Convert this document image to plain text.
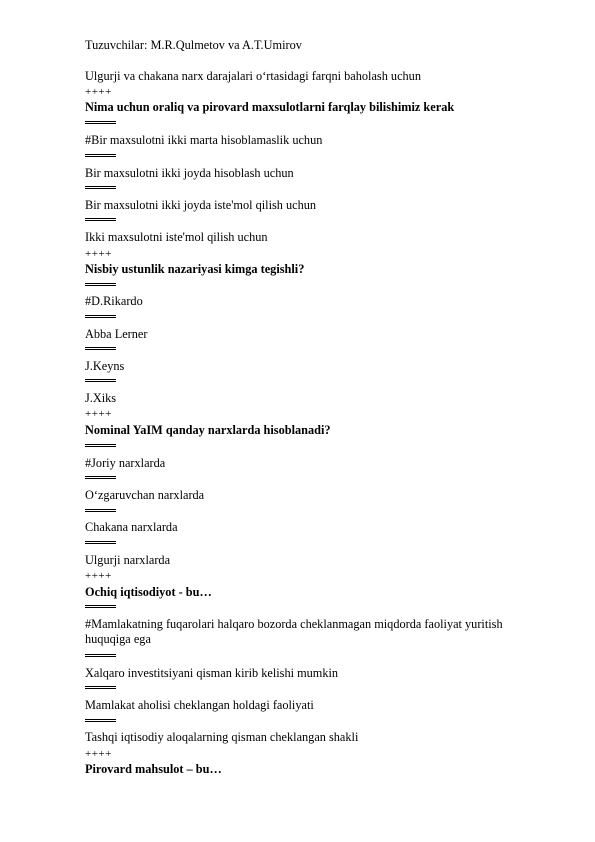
Tuzuvchilar: M.R.Qulmetov va A.T.Umirov
Ulgurji va chakana narx darajalari o‘rtasidagi farqni baholash uchun
++++
Nima uchun oraliq va pirovard maxsulotlarni farqlay bilishimiz kerak
#Bir maxsulotni ikki marta hisoblamaslik uchun
Bir maxsulotni ikki joyda hisoblash uchun
Bir maxsulotni ikki joyda iste'mol qilish uchun
Ikki maxsulotni iste'mol qilish uchun
++++
Nisbiy ustunlik nazariyasi kimga tegishli?
#D.Rikardo
Abba Lerner
J.Keyns
J.Xiks
++++
Nominal YaIM qanday narxlarda hisoblanadi?
#Joriy narxlarda
O‘zgaruvchan narxlarda
Chakana narxlarda
Ulgurji narxlarda
++++
Ochiq iqtisodiyot - bu…
#Mamlakatning fuqarolari halqaro bozorda cheklanmagan miqdorda faoliyat yuritish huquqiga ega
Xalqaro investitsiyani qisman kirib kelishi mumkin
Mamlakat aholisi cheklangan holdagi faoliyati
Tashqi iqtisodiy aloqalarning qisman cheklangan shakli
++++
Pirovard mahsulot – bu…
